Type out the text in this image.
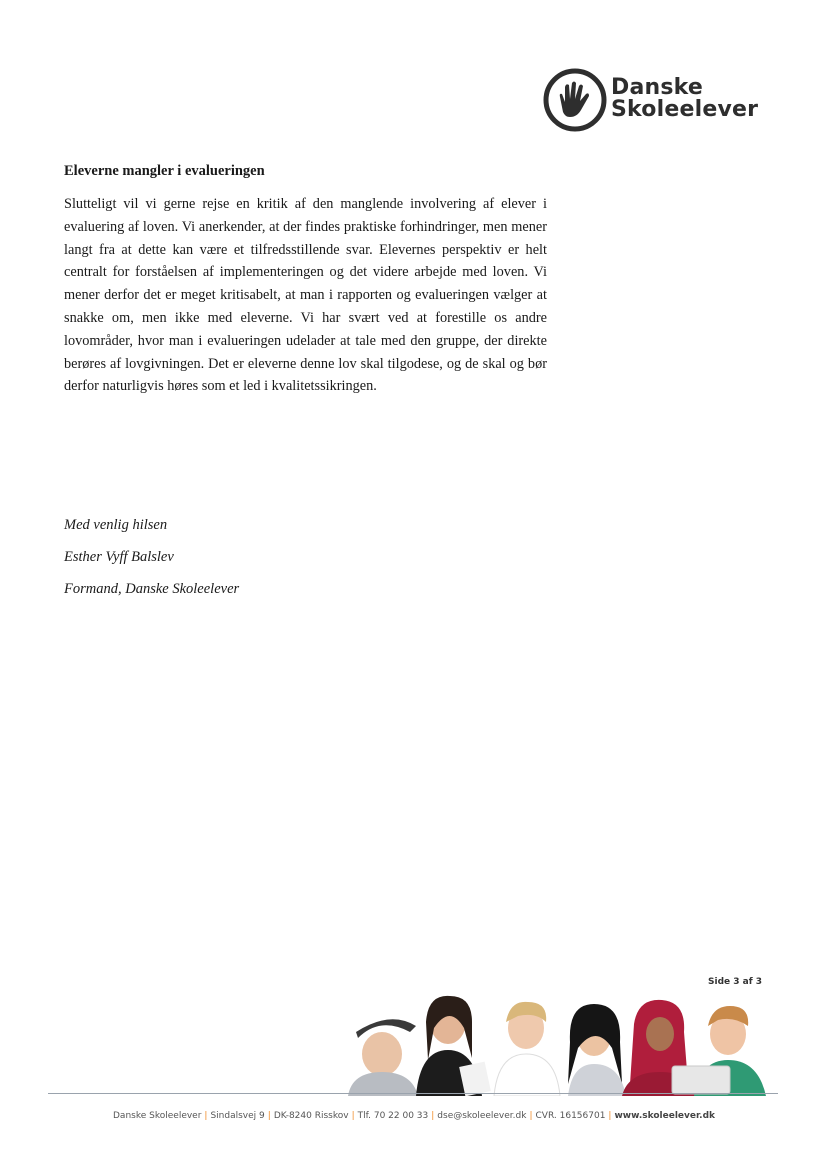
Danske
Skoleelever
Eleverne mangler i evalueringen

Slutteligt vil vi gerne rejse en kritik af den manglende involvering af elever i evaluering af loven. Vi anerkender, at der findes praktiske forhindringer, men mener langt fra at dette kan være et tilfredsstillende svar. Elevernes perspektiv er helt centralt for forståelsen af implementeringen og det videre arbejde med loven. Vi mener derfor det er meget kritisabelt, at man i rapporten og evalueringen vælger at snakke om, men ikke med eleverne. Vi har svært ved at forestille os andre lovområder, hvor man i evalueringen udelader at tale med den gruppe, der direkte berøres af lovgivningen. Det er eleverne denne lov skal tilgodese, og de skal og bør derfor naturligvis høres som et led i kvalitetssikringen.

Med venlig hilsen
Esther Vyff Balslev
Formand, Danske Skoleelever
Side 3 af 3
Danske Skoleelever | Sindalsvej 9 | DK-8240 Risskov | Tlf. 70 22 00 33 | dse@skoleelever.dk | CVR. 16156701 | www.skoleelever.dk
